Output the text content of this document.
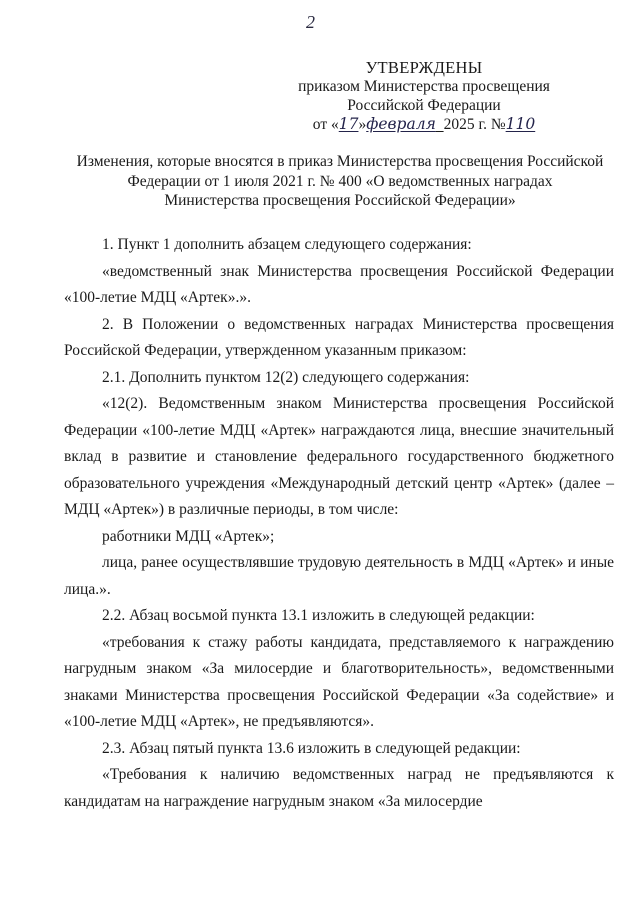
2
УТВЕРЖДЕНЫ
приказом Министерства просвещения
Российской Федерации
от «17»февраля 2025 г. №110
Изменения, которые вносятся в приказ Министерства просвещения Российской
Федерации от 1 июля 2021 г. № 400 «О ведомственных наградах
Министерства просвещения Российской Федерации»

1. Пункт 1 дополнить абзацем следующего содержания:

«ведомственный знак Министерства просвещения Российской Федерации «100-летие МДЦ «Артек».».

2. В Положении о ведомственных наградах Министерства просвещения Российской Федерации, утвержденном указанным приказом:

2.1. Дополнить пунктом 12(2) следующего содержания:

«12(2). Ведомственным знаком Министерства просвещения Российской Федерации «100-летие МДЦ «Артек» награждаются лица, внесшие значительный вклад в развитие и становление федерального государственного бюджетного образовательного учреждения «Международный детский центр «Артек» (далее – МДЦ «Артек») в различные периоды, в том числе:

работники МДЦ «Артек»;

лица, ранее осуществлявшие трудовую деятельность в МДЦ «Артек» и иные лица.».

2.2. Абзац восьмой пункта 13.1 изложить в следующей редакции:

«требования к стажу работы кандидата, представляемого к награждению нагрудным знаком «За милосердие и благотворительность», ведомственными знаками Министерства просвещения Российской Федерации «За содействие» и «100-летие МДЦ «Артек», не предъявляются».

2.3. Абзац пятый пункта 13.6 изложить в следующей редакции:

«Требования к наличию ведомственных наград не предъявляются к кандидатам на награждение нагрудным знаком «За милосердие
